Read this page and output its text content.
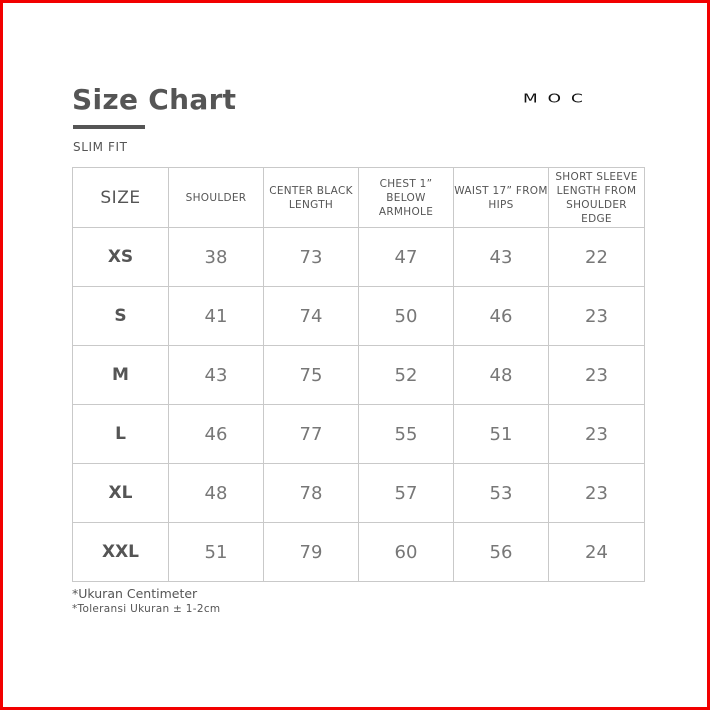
Size Chart	MOC
SLIM FIT
SIZE	SHOULDER	CENTER BLACK LENGTH	CHEST 1” BELOW ARMHOLE	WAIST 17” FROM HIPS	SHORT SLEEVE LENGTH FROM SHOULDER EDGE
XS	38	73	47	43	22
S	41	74	50	46	23
M	43	75	52	48	23
L	46	77	55	51	23
XL	48	78	57	53	23
XXL	51	79	60	56	24
*Ukuran Centimeter
*Toleransi Ukuran ± 1-2cm
